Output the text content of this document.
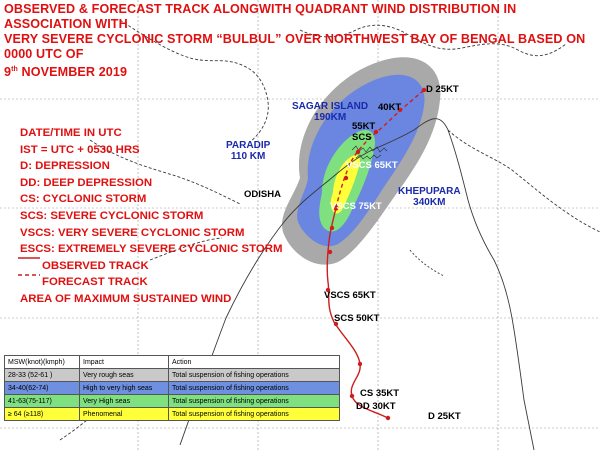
OBSERVED & FORECAST TRACK ALONGWITH QUADRANT WIND DISTRIBUTION IN ASSOCIATION WITH
VERY SEVERE CYCLONIC STORM “BULBUL” OVER NORTHWEST BAY OF BENGAL BASED ON 0000 UTC OF
9th NOVEMBER 2019
DATE/TIME IN UTC
IST = UTC + 0530 HRS
D: DEPRESSION
DD: DEEP DEPRESSION
CS: CYCLONIC STORM
SCS: SEVERE CYCLONIC STORM
VSCS: VERY SEVERE CYCLONIC STORM
ESCS: EXTREMELY SEVERE CYCLONIC STORM
OBSERVED TRACK
FORECAST TRACK
AREA OF MAXIMUM SUSTAINED WIND
SAGAR ISLAND
190KM
PARADIP
110 KM
KHEPUPARA
340KM
ODISHA
D 25KT
40KT
55KT
SCS
VSCS 65KT
VSCS 75KT
VSCS 65KT
SCS 50KT
CS 35KT
DD 30KT
D 25KT
MSW(knot)(kmph)	Impact	Action
28-33 (52-61 )	Very rough seas	Total suspension of fishing operations
34-40(62-74)	High to very high seas	Total suspension of fishing operations
41-63(75-117)	Very High seas	Total suspension of fishing operations
≥ 64 (≥118)	Phenomenal	Total suspension of fishing operations
